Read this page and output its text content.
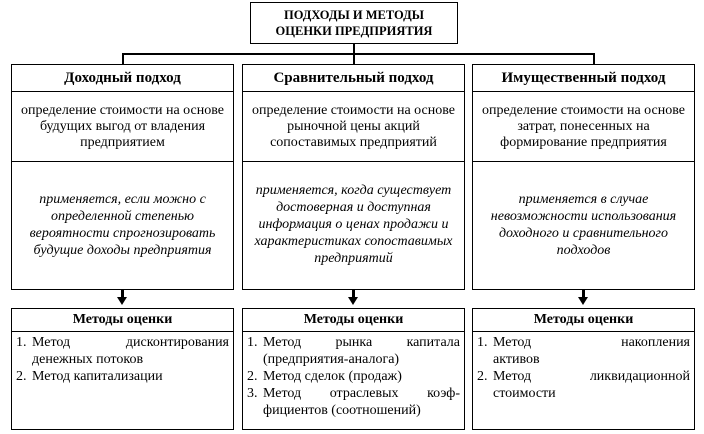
ПОДХОДЫ И МЕТОДЫ
ОЦЕНКИ ПРЕДПРИЯТИЯ
Доходный подход
определение стоимости на основе будущих выгод от владения предприятием
применяется, если можно с определенной степенью вероятности спрогнозировать будущие доходы предприятия
Сравнительный подход
определение стоимости на основе рыночной цены акций сопоставимых предприятий
применяется, когда существует достоверная и доступная информация о ценах продажи и характеристиках сопоставимых предприятий
Имущественный подход
определение стоимости на основе затрат, понесенных на формирование предприятия
применяется в случае невозможности использования доходного и сравнительного подходов
Методы оценки
1. Метод дисконтирования
денежных потоков
2. Метод капитализации
Методы оценки
1. Метод рынка капитала
(предприятия-аналога)
2. Метод сделок (продаж)
3. Метод отраслевых коэф-
фициентов (соотношений)
Методы оценки
1. Метод накопления
активов
2. Метод ликвидационной
стоимости
